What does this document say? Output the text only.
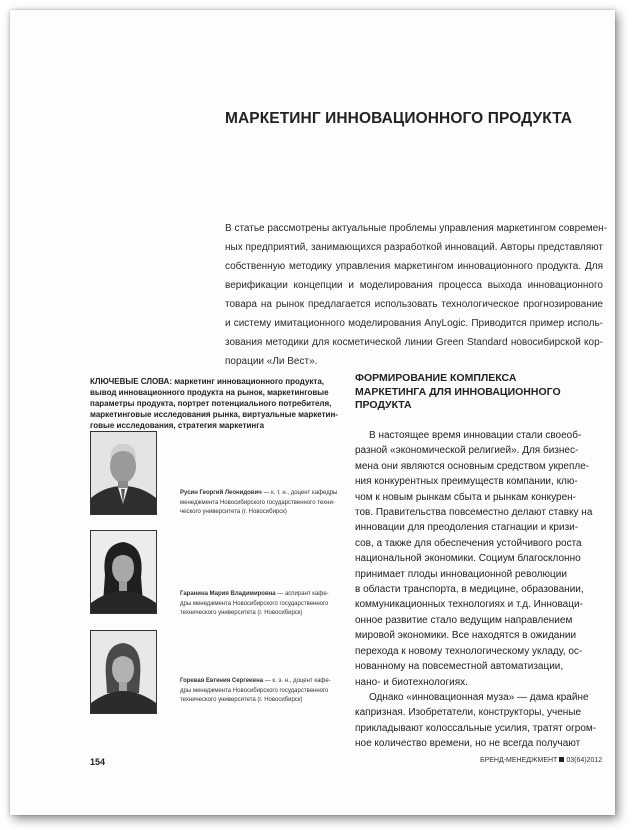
МАРКЕТИНГ ИННОВАЦИОННОГО ПРОДУКТА
В статье рассмотрены актуальные проблемы управления маркетингом современ-
ных предприятий, занимающихся разработкой инноваций. Авторы представляют
собственную методику управления маркетингом инновационного продукта. Для
верификации концепции и моделирования процесса выхода инновационного
товара на рынок предлагается использовать технологическое прогнозирование
и систему имитационного моделирования AnyLogic. Приводится пример исполь-
зования методики для косметической линии Green Standard новосибирской кор-
порации «Ли Вест».
КЛЮЧЕВЫЕ СЛОВА: маркетинг инновационного продукта,
вывод инновационного продукта на рынок, маркетинговые
параметры продукта, портрет потенциального потребителя,
маркетинговые исследования рынка, виртуальные маркетин-
говые исследования, стратегия маркетинга
Русин Георгий Леонидович — к. т. н., доцент кафедры
менеджмента Новосибирского государственного техни-
ческого университета (г. Новосибирск)
Гаранина Мария Владимировна — аспирант кафе-
дры менеджмента Новосибирского государственного
технического университета (г. Новосибирск)
Горевая Евгения Сергеевна — к. э. н., доцент кафе-
дры менеджмента Новосибирского государственного
технического университета (г. Новосибирск)
ФОРМИРОВАНИЕ КОМПЛЕКСА
МАРКЕТИНГА ДЛЯ ИННОВАЦИОННОГО
ПРОДУКТА
В настоящее время инновации стали своеоб-
разной «экономической религией». Для бизнес-
мена они являются основным средством укрепле-
ния конкурентных преимуществ компании, клю-
чом к новым рынкам сбыта и рынкам конкурен-
тов. Правительства повсеместно делают ставку на
инновации для преодоления стагнации и кризи-
сов, а также для обеспечения устойчивого роста
национальной экономики. Социум благосклонно
принимает плоды инновационной революции
в области транспорта, в медицине, образовании,
коммуникационных технологиях и т.д. Инноваци-
онное развитие стало ведущим направлением
мировой экономики. Все находятся в ожидании
перехода к новому технологическому укладу, ос-
нованному на повсеместной автоматизации,
нано- и биотехнологиях.
Однако «инновационная муза» — дама крайне
капризная. Изобретатели, конструкторы, ученые
прикладывают колоссальные усилия, тратят огром-
ное количество времени, но не всегда получают
154	БРЕНД-МЕНЕДЖМЕНТ 03(64)2012
